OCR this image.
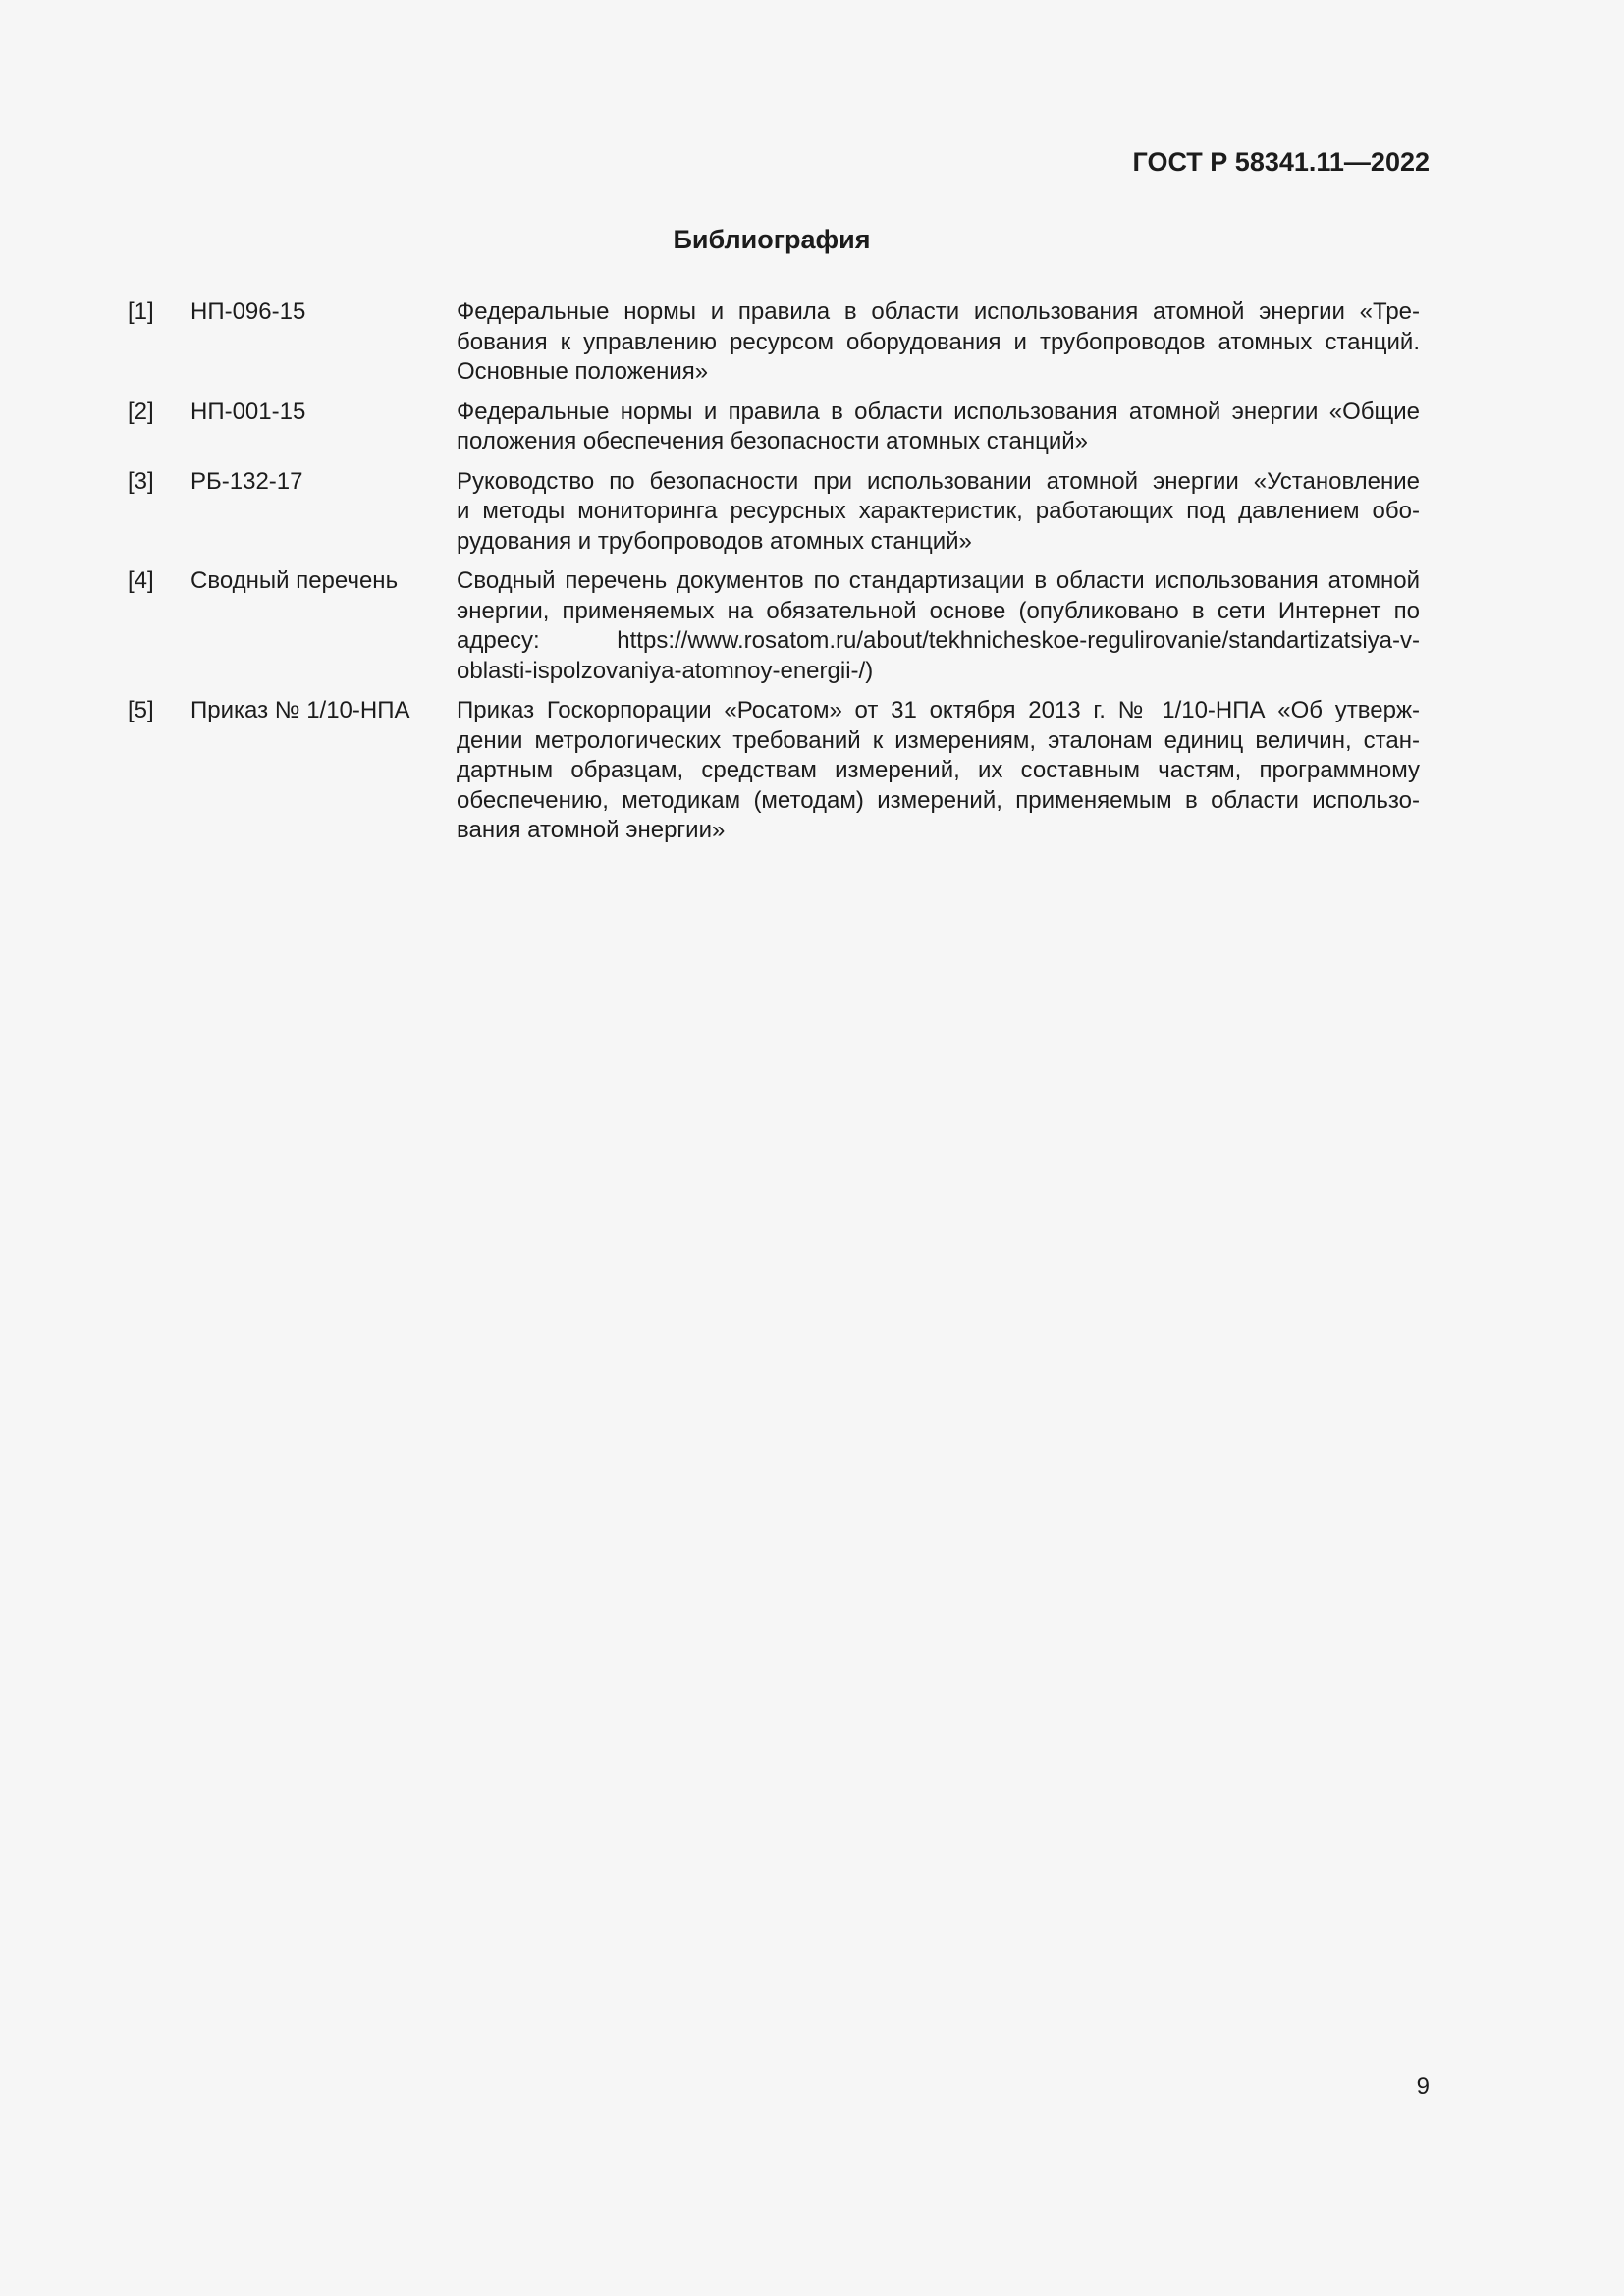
ГОСТ Р 58341.11—2022
Библиография
[1]	НП-096-15	Федеральные нормы и правила в области использования атомной энергии «Тре-
бования к управлению ресурсом оборудования и трубопроводов атомных станций.
Основные положения»
[2]	НП-001-15	Федеральные нормы и правила в области использования атомной энергии «Общие
положения обеспечения безопасности атомных станций»
[3]	РБ-132-17	Руководство по безопасности при использовании атомной энергии «Установление
и методы мониторинга ресурсных характеристик, работающих под давлением обо-
рудования и трубопроводов атомных станций»
[4]	Сводный перечень	Сводный перечень документов по стандартизации в области использования атомной
энергии, применяемых на обязательной основе (опубликовано в сети Интернет по
адресу: https://www.rosatom.ru/about/tekhnicheskoe-regulirovanie/standartizatsiya-v-
oblasti-ispolzovaniya-atomnoy-energii-/)
[5]	Приказ № 1/10-НПА	Приказ Госкорпорации «Росатом» от 31 октября 2013 г. № 1/10-НПА «Об утверж-
дении метрологических требований к измерениям, эталонам единиц величин, стан-
дартным образцам, средствам измерений, их составным частям, программному
обеспечению, методикам (методам) измерений, применяемым в области использо-
вания атомной энергии»
9
